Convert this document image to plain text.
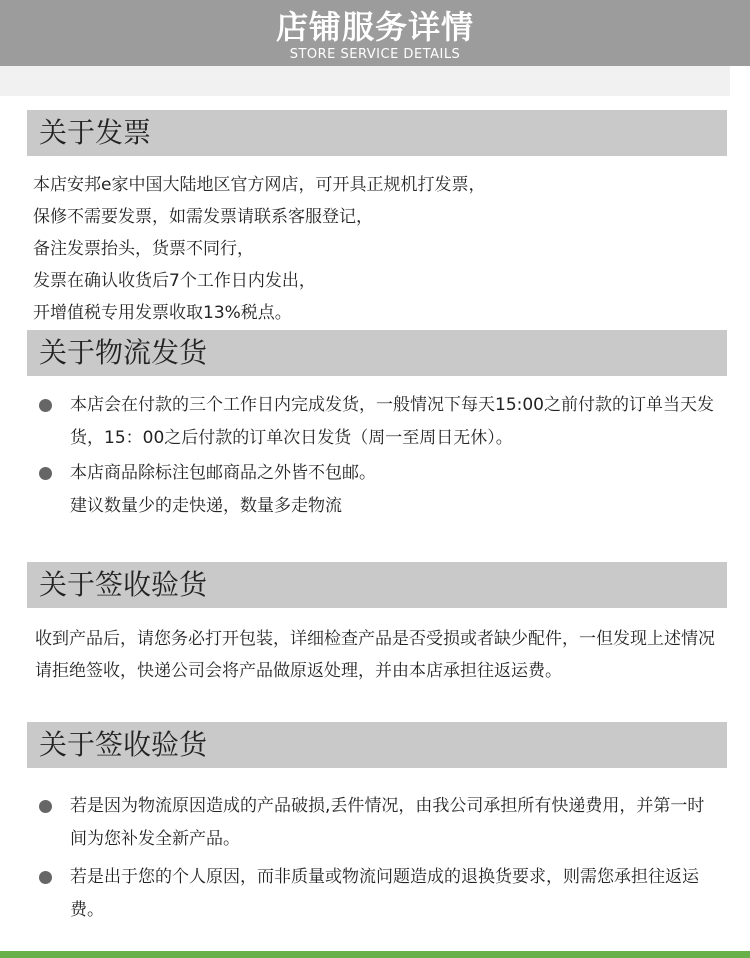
店铺服务详情
STORE SERVICE DETAILS
关于发票
本店安邦e家中国大陆地区官方网店，可开具正规机打发票，
保修不需要发票，如需发票请联系客服登记，
备注发票抬头，货票不同行，
发票在确认收货后7个工作日内发出，
开增值税专用发票收取13%税点。
关于物流发货
本店会在付款的三个工作日内完成发货，一般情况下每天15:00之前付款的订单当天发货，15：00之后付款的订单次日发货（周一至周日无休）。
本店商品除标注包邮商品之外皆不包邮。建议数量少的走快递，数量多走物流
关于签收验货
收到产品后，请您务必打开包装，详细检查产品是否受损或者缺少配件，一但发现上述情况请拒绝签收，快递公司会将产品做原返处理，并由本店承担往返运费。
关于签收验货
若是因为物流原因造成的产品破损,丢件情况，由我公司承担所有快递费用，并第一时间为您补发全新产品。
若是出于您的个人原因，而非质量或物流问题造成的退换货要求，则需您承担往返运费。
